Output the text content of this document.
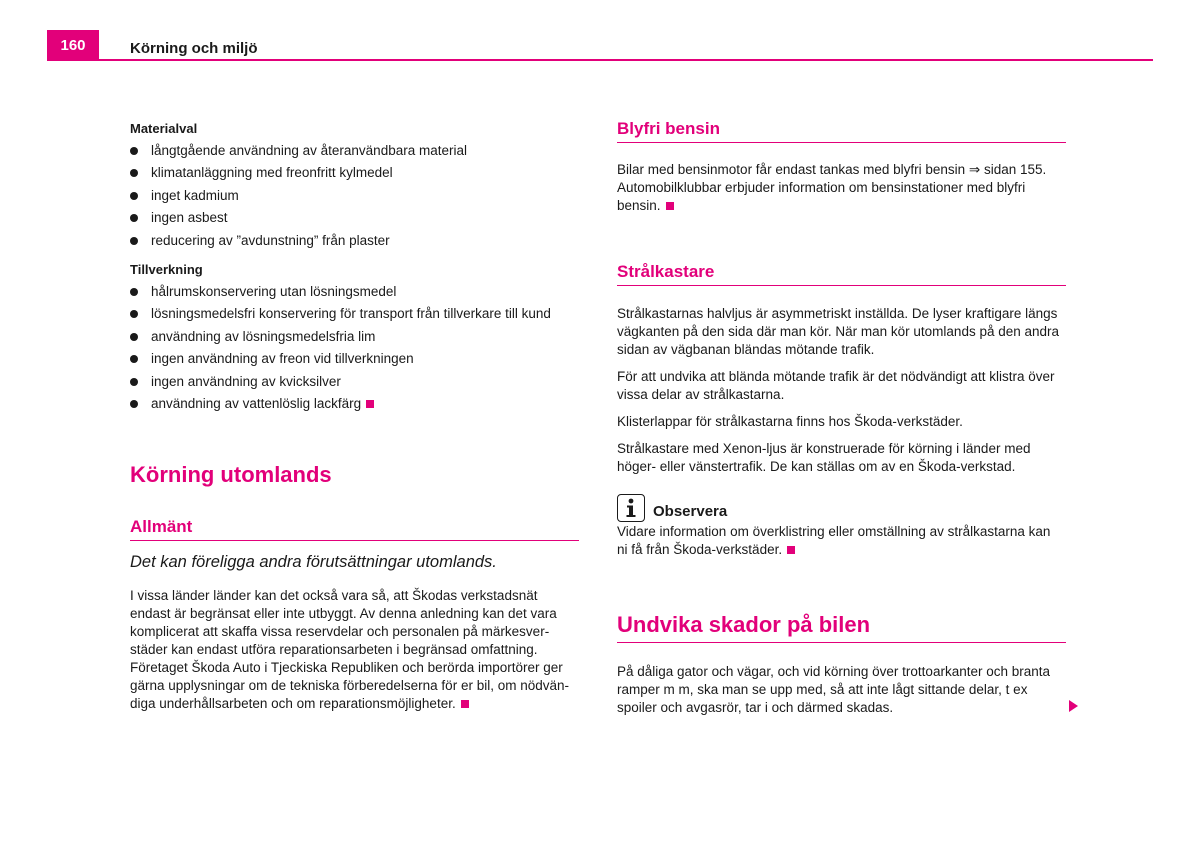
160	Körning och miljö
Materialval
långtgående användning av återanvändbara material
klimatanläggning med freonfritt kylmedel
inget kadmium
ingen asbest
reducering av ”avdunstning” från plaster
Tillverkning
hålrumskonservering utan lösningsmedel
lösningsmedelsfri konservering för transport från tillverkare till kund
användning av lösningsmedelsfria lim
ingen användning av freon vid tillverkningen
ingen användning av kvicksilver
användning av vattenlöslig lackfärg
Körning utomlands
Allmänt
Det kan föreligga andra förutsättningar utomlands.
I vissa länder länder kan det också vara så, att Škodas verkstadsnät
endast är begränsat eller inte utbyggt. Av denna anledning kan det vara
komplicerat att skaffa vissa reservdelar och personalen på märkesver-
städer kan endast utföra reparationsarbeten i begränsad omfattning.
Företaget Škoda Auto i Tjeckiska Republiken och berörda importörer ger
gärna upplysningar om de tekniska förberedelserna för er bil, om nödvän-
diga underhållsarbeten och om reparationsmöjligheter.
Blyfri bensin
Bilar med bensinmotor får endast tankas med blyfri bensin ⇒ sidan 155.
Automobilklubbar erbjuder information om bensinstationer med blyfri
bensin.
Strålkastare
Strålkastarnas halvljus är asymmetriskt inställda. De lyser kraftigare längs
vägkanten på den sida där man kör. När man kör utomlands på den andra
sidan av vägbanan bländas mötande trafik.
För att undvika att blända mötande trafik är det nödvändigt att klistra över
vissa delar av strålkastarna.
Klisterlappar för strålkastarna finns hos Škoda-verkstäder.
Strålkastare med Xenon-ljus är konstruerade för körning i länder med
höger- eller vänstertrafik. De kan ställas om av en Škoda-verkstad.
Observera
Vidare information om överklistring eller omställning av strålkastarna kan
ni få från Škoda-verkstäder.
Undvika skador på bilen
På dåliga gator och vägar, och vid körning över trottoarkanter och branta
ramper m m, ska man se upp med, så att inte lågt sittande delar, t ex
spoiler och avgasrör, tar i och därmed skadas.
